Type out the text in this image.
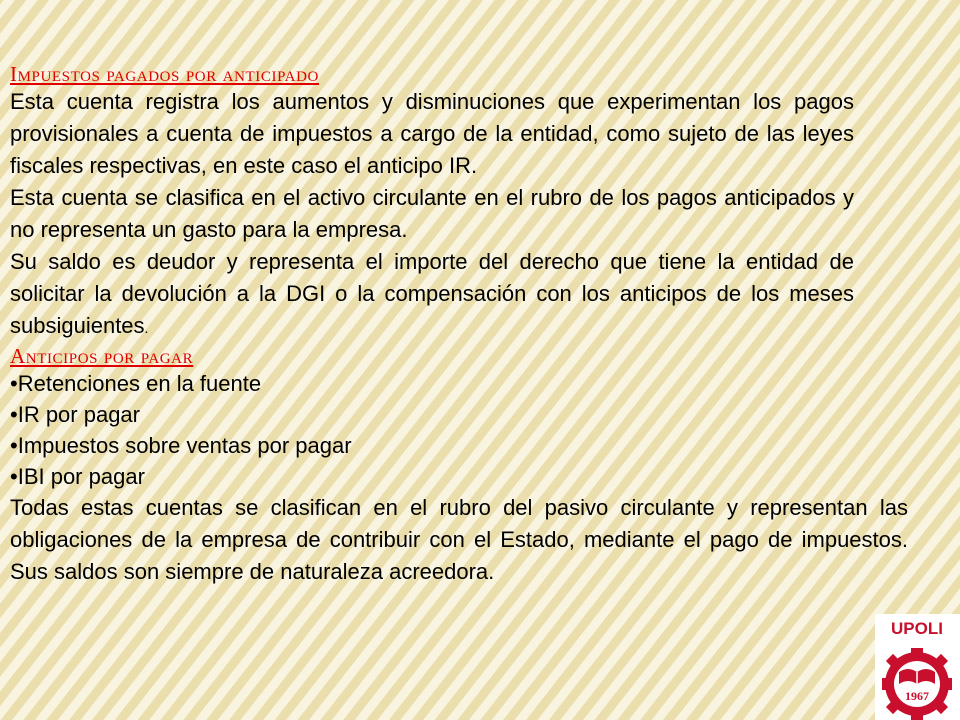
Impuestos pagados por anticipado

Esta cuenta registra los aumentos y disminuciones que experimentan los pagos provisionales a cuenta de impuestos a cargo de la entidad, como sujeto de las leyes fiscales respectivas, en este caso el anticipo IR.

Esta cuenta se clasifica en el activo circulante en el rubro de los pagos anticipados y no representa un gasto para la empresa.

Su saldo es deudor y representa el importe del derecho que tiene la entidad de solicitar la devolución a la DGI o la compensación con los anticipos de los meses subsiguientes.

Anticipos por pagar

•Retenciones en la fuente
•IR por pagar
•Impuestos sobre ventas por pagar
•IBI por pagar

Todas estas cuentas se clasifican en el rubro del pasivo circulante y representan las obligaciones de la empresa de contribuir con el Estado, mediante el pago de impuestos. Sus saldos son siempre de naturaleza acreedora.

UPOLI
1967
